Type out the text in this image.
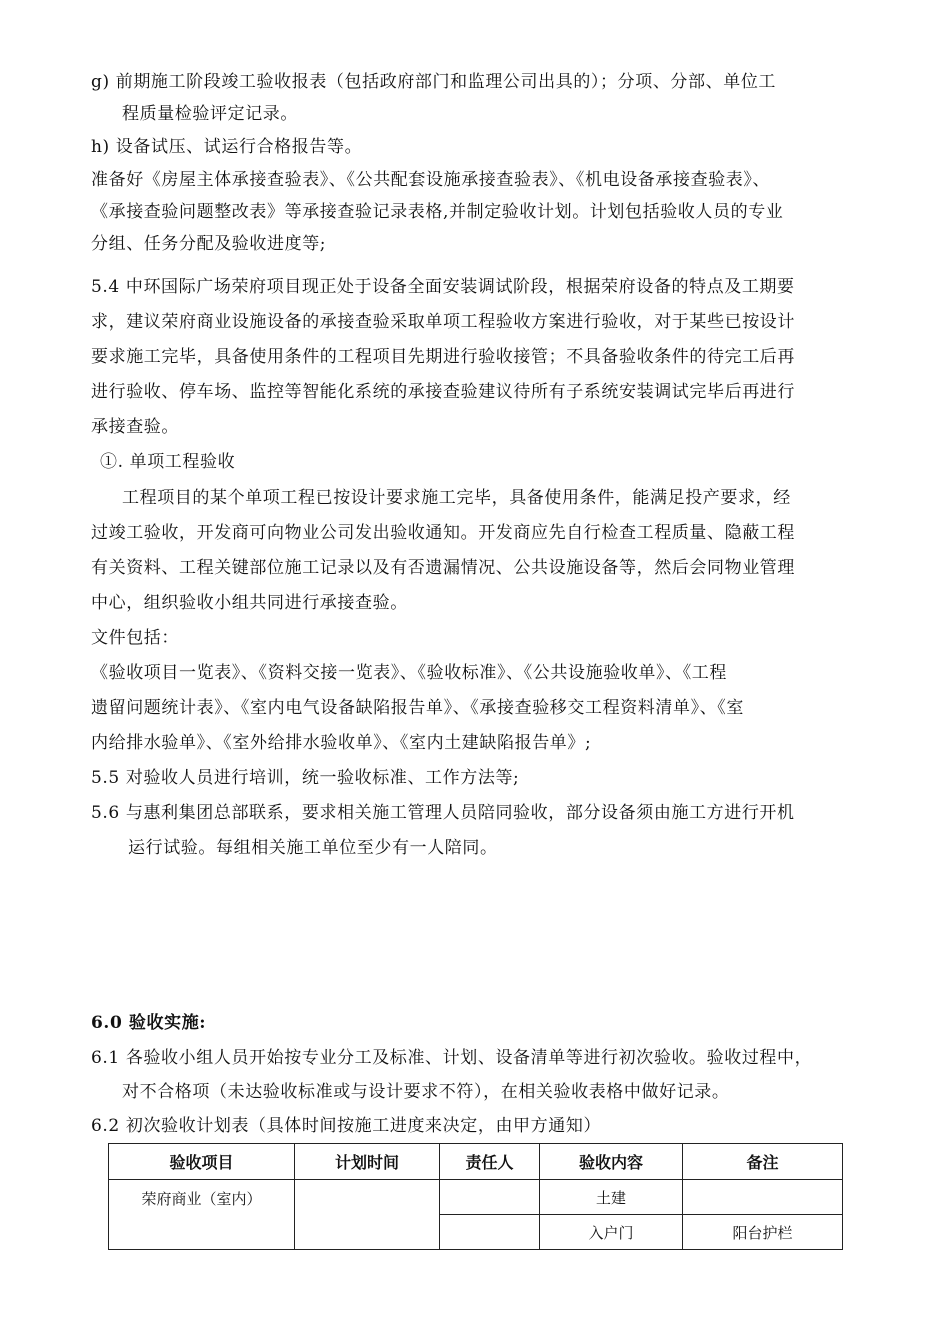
g) 前期施工阶段竣工验收报表（包括政府部门和监理公司出具的）；分项、分部、单位工
程质量检验评定记录。
h) 设备试压、试运行合格报告等。
准备好《房屋主体承接查验表》、《公共配套设施承接查验表》、《机电设备承接查验表》、
《承接查验问题整改表》等承接查验记录表格,并制定验收计划。计划包括验收人员的专业
分组、任务分配及验收进度等;
5.4 中环国际广场荣府项目现正处于设备全面安装调试阶段，根据荣府设备的特点及工期要
求，建议荣府商业设施设备的承接查验采取单项工程验收方案进行验收，对于某些已按设计
要求施工完毕，具备使用条件的工程项目先期进行验收接管；不具备验收条件的待完工后再
进行验收、停车场、监控等智能化系统的承接查验建议待所有子系统安装调试完毕后再进行
承接查验。
①. 单项工程验收
工程项目的某个单项工程已按设计要求施工完毕，具备使用条件，能满足投产要求，经
过竣工验收，开发商可向物业公司发出验收通知。开发商应先自行检查工程质量、隐蔽工程
有关资料、工程关键部位施工记录以及有否遗漏情况、公共设施设备等，然后会同物业管理
中心，组织验收小组共同进行承接查验。
文件包括：
《验收项目一览表》、《资料交接一览表》、《验收标准》、《公共设施验收单》、《工程
遗留问题统计表》、《室内电气设备缺陷报告单》、《承接查验移交工程资料清单》、《室
内给排水验单》、《室外给排水验收单》、《室内土建缺陷报告单》;
5.5 对验收人员进行培训，统一验收标准、工作方法等;
5.6 与惠利集团总部联系，要求相关施工管理人员陪同验收，部分设备须由施工方进行开机
运行试验。每组相关施工单位至少有一人陪同。
6.0 验收实施:
6.1 各验收小组人员开始按专业分工及标准、计划、设备清单等进行初次验收。验收过程中，
对不合格项（未达验收标准或与设计要求不符），在相关验收表格中做好记录。
6.2 初次验收计划表（具体时间按施工进度来决定，由甲方通知）
验收项目	计划时间	责任人	验收内容	备注
荣府商业（室内）			土建	
			入户门	阳台护栏
